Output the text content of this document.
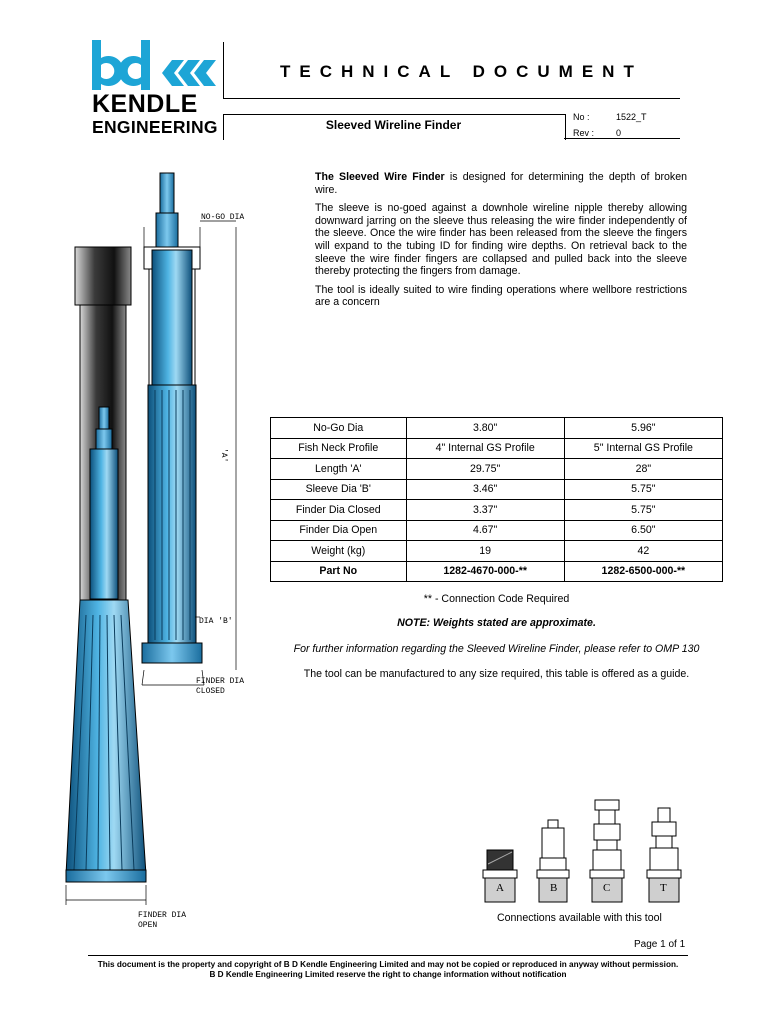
KENDLE
ENGINEERING
TECHNICAL DOCUMENT
Sleeved Wireline Finder
No :	1522_T
Rev : 0
NO-GO DIA
'A'
DIA 'B'
FINDER DIA
CLOSED
FINDER DIA
OPEN

The Sleeved Wire Finder is designed for determining the depth of broken wire.

The sleeve is no-goed against a downhole wireline nipple thereby allowing downward jarring on the sleeve thus releasing the wire finder independently of the sleeve. Once the wire finder has been released from the sleeve the fingers will expand to the tubing ID for finding wire depths. On retrieval back to the sleeve the wire finder fingers are collapsed and pulled back into the sleeve thereby protecting the fingers from damage.

The tool is ideally suited to wire finding operations where wellbore restrictions are a concern

No-Go Dia	3.80"	5.96"
Fish Neck Profile	4" Internal GS Profile	5" Internal GS Profile
Length 'A'	29.75"	28"
Sleeve Dia 'B'	3.46"	5.75"
Finder Dia Closed	3.37"	5.75"
Finder Dia Open	4.67"	6.50"
Weight (kg)	19	42
Part No	1282-4670-000-**	1282-6500-000-**
** - Connection Code Required
NOTE: Weights stated are approximate.
For further information regarding the Sleeved Wireline Finder, please refer to OMP 130
The tool can be manufactured to any size required, this table is offered as a guide.
A	B	C	T
Connections available with this tool
Page 1 of 1
This document is the property and copyright of B D Kendle Engineering Limited and may not be copied or reproduced in anyway without permission.
B D Kendle Engineering Limited reserve the right to change information without notification
